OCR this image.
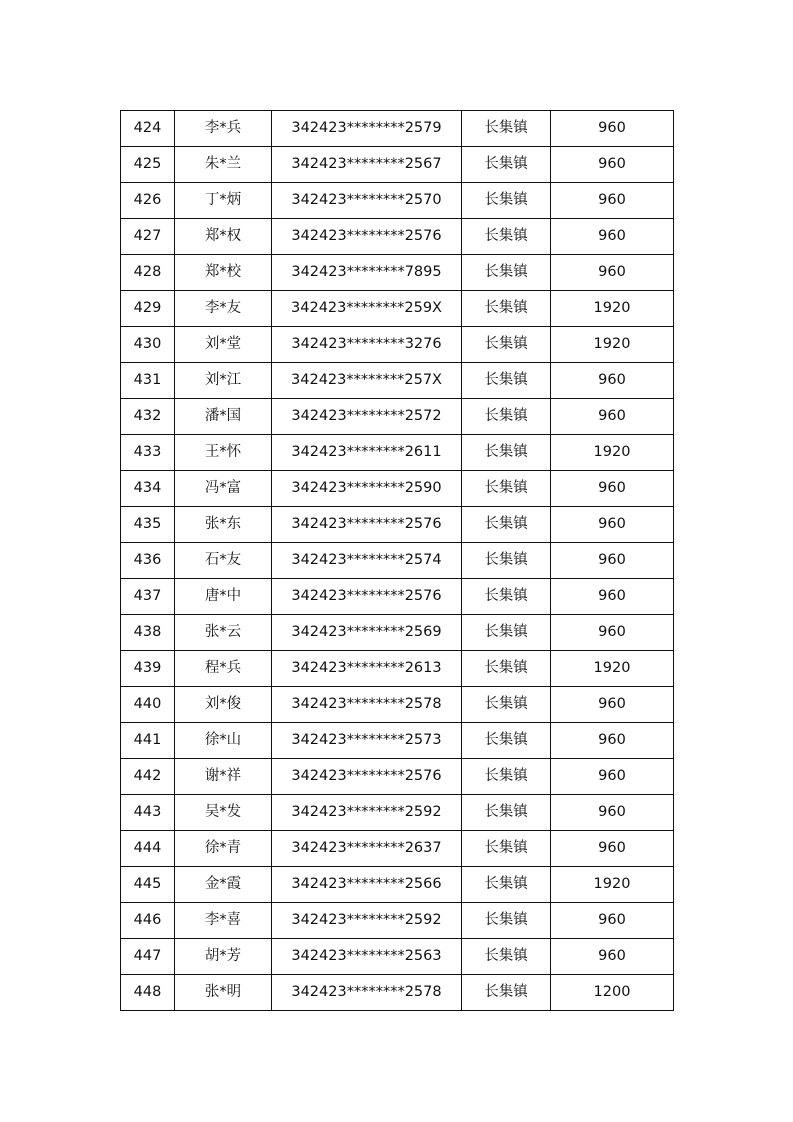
424	李*兵	342423********2579	长集镇	960
425	朱*兰	342423********2567	长集镇	960
426	丁*炳	342423********2570	长集镇	960
427	郑*权	342423********2576	长集镇	960
428	郑*校	342423********7895	长集镇	960
429	李*友	342423********259X	长集镇	1920
430	刘*堂	342423********3276	长集镇	1920
431	刘*江	342423********257X	长集镇	960
432	潘*国	342423********2572	长集镇	960
433	王*怀	342423********2611	长集镇	1920
434	冯*富	342423********2590	长集镇	960
435	张*东	342423********2576	长集镇	960
436	石*友	342423********2574	长集镇	960
437	唐*中	342423********2576	长集镇	960
438	张*云	342423********2569	长集镇	960
439	程*兵	342423********2613	长集镇	1920
440	刘*俊	342423********2578	长集镇	960
441	徐*山	342423********2573	长集镇	960
442	谢*祥	342423********2576	长集镇	960
443	吴*发	342423********2592	长集镇	960
444	徐*青	342423********2637	长集镇	960
445	金*霞	342423********2566	长集镇	1920
446	李*喜	342423********2592	长集镇	960
447	胡*芳	342423********2563	长集镇	960
448	张*明	342423********2578	长集镇	1200
